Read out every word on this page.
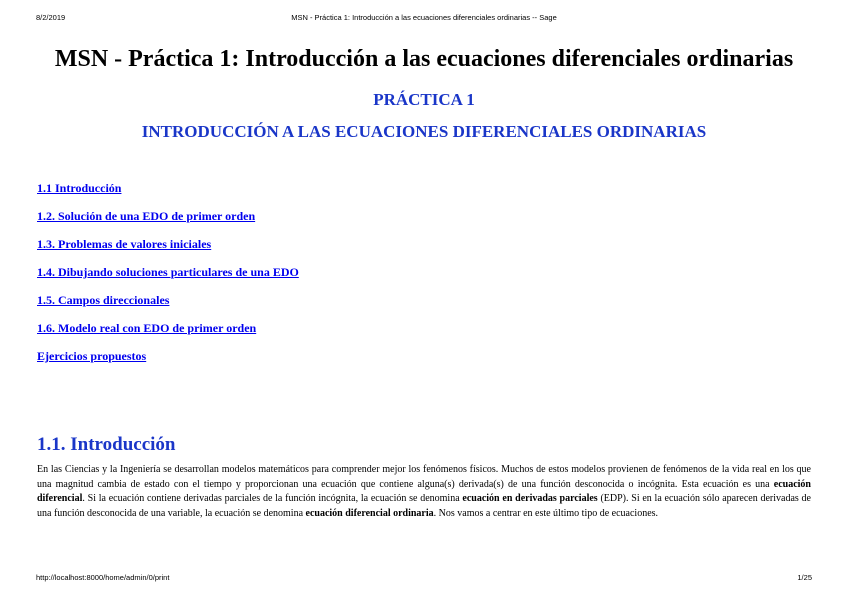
8/2/2019	MSN - Práctica 1: Introducción a las ecuaciones diferenciales ordinarias -- Sage
MSN - Práctica 1: Introducción a las ecuaciones diferenciales ordinarias
PRÁCTICA 1
INTRODUCCIÓN A LAS ECUACIONES DIFERENCIALES ORDINARIAS
1.1 Introducción
1.2. Solución de una EDO de primer orden
1.3. Problemas de valores iniciales
1.4. Dibujando soluciones particulares de una EDO
1.5. Campos direccionales
1.6. Modelo real con EDO de primer orden
Ejercicios propuestos
1.1. Introducción

En las Ciencias y la Ingeniería se desarrollan modelos matemáticos para comprender mejor los fenómenos físicos. Muchos de estos modelos provienen de fenómenos de la vida real en los que una magnitud cambia de estado con el tiempo y proporcionan una ecuación que contiene alguna(s) derivada(s) de una función desconocida o incógnita. Esta ecuación es una ecuación diferencial. Si la ecuación contiene derivadas parciales de la función incógnita, la ecuación se denomina ecuación en derivadas parciales (EDP). Si en la ecuación sólo aparecen derivadas de una función desconocida de una variable, la ecuación se denomina ecuación diferencial ordinaria. Nos vamos a centrar en este último tipo de ecuaciones.

http://localhost:8000/home/admin/0/print	1/25
